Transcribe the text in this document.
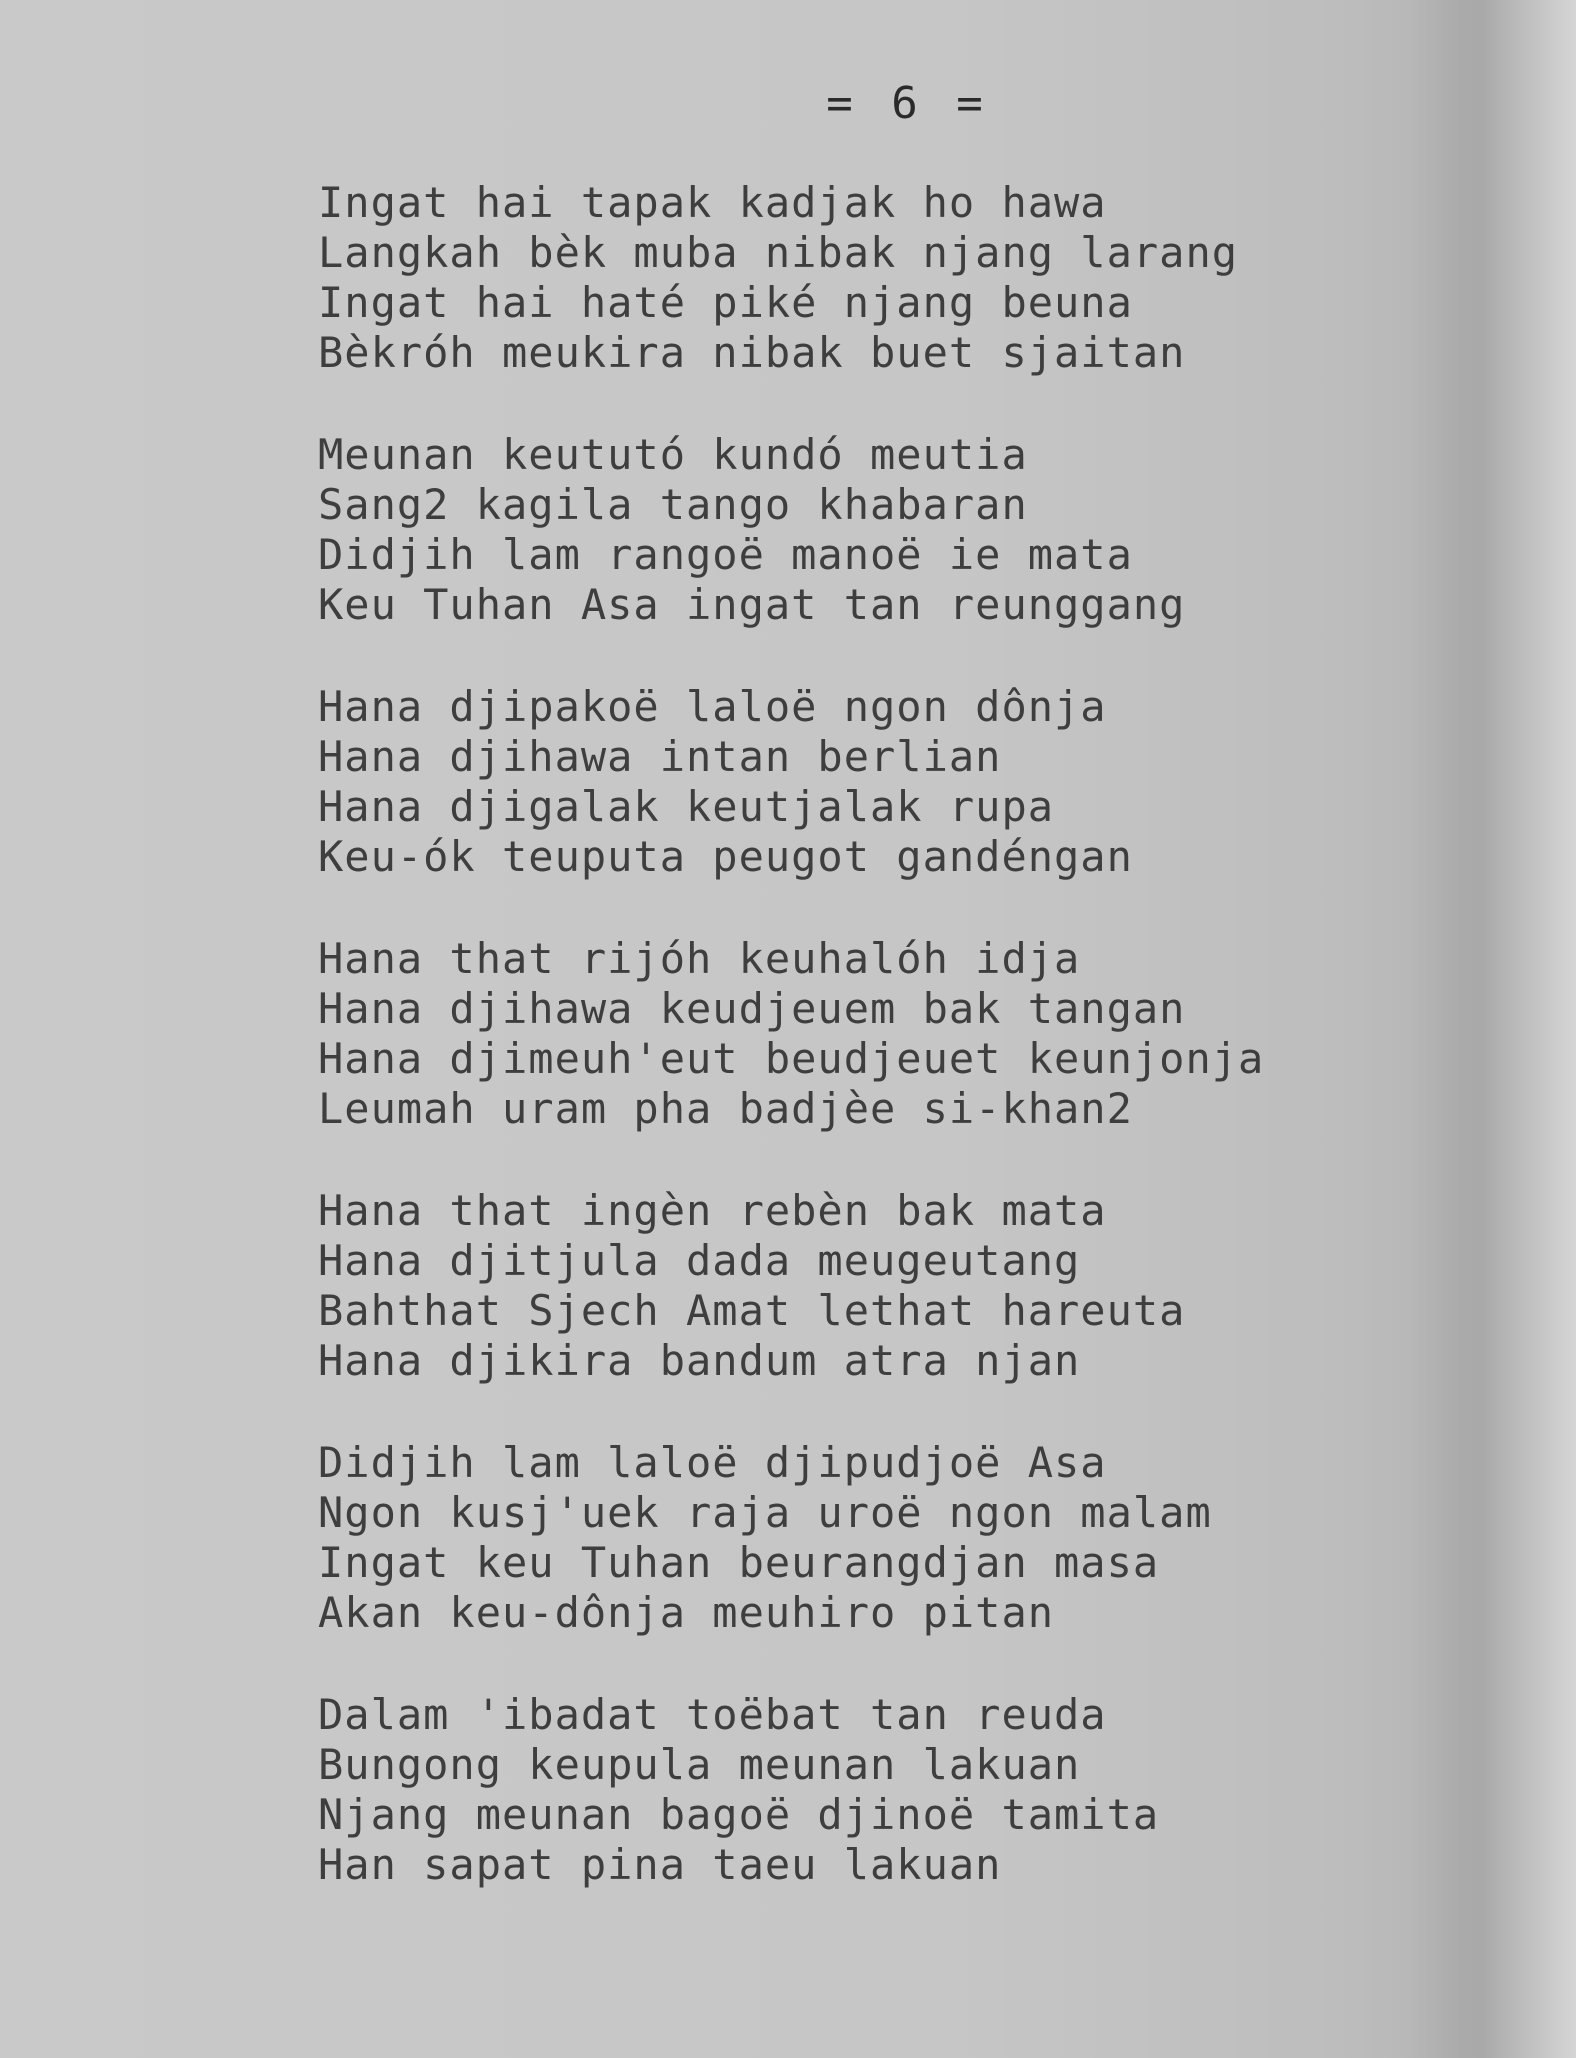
= 6 =
Ingat hai tapak kadjak ho hawa
Langkah bèk muba nibak njang larang
Ingat hai haté piké njang beuna
Bèkróh meukira nibak buet sjaitan
Meunan keututó kundó meutia
Sang2 kagila tango khabaran
Didjih lam rangoë manoë ie mata
Keu Tuhan Asa ingat tan reunggang
Hana djipakoë laloë ngon dônja
Hana djihawa intan berlian
Hana djigalak keutjalak rupa
Keu-ók teuputa peugot gandéngan
Hana that rijóh keuhalóh idja
Hana djihawa keudjeuem bak tangan
Hana djimeuh'eut beudjeuet keunjonja
Leumah uram pha badjèe si-khan2
Hana that ingèn rebèn bak mata
Hana djitjula dada meugeutang
Bahthat Sjech Amat lethat hareuta
Hana djikira bandum atra njan
Didjih lam laloë djipudjoë Asa
Ngon kusj'uek raja uroë ngon malam
Ingat keu Tuhan beurangdjan masa
Akan keu-dônja meuhiro pitan
Dalam 'ibadat toëbat tan reuda
Bungong keupula meunan lakuan
Njang meunan bagoë djinoë tamita
Han sapat pina taeu lakuan
